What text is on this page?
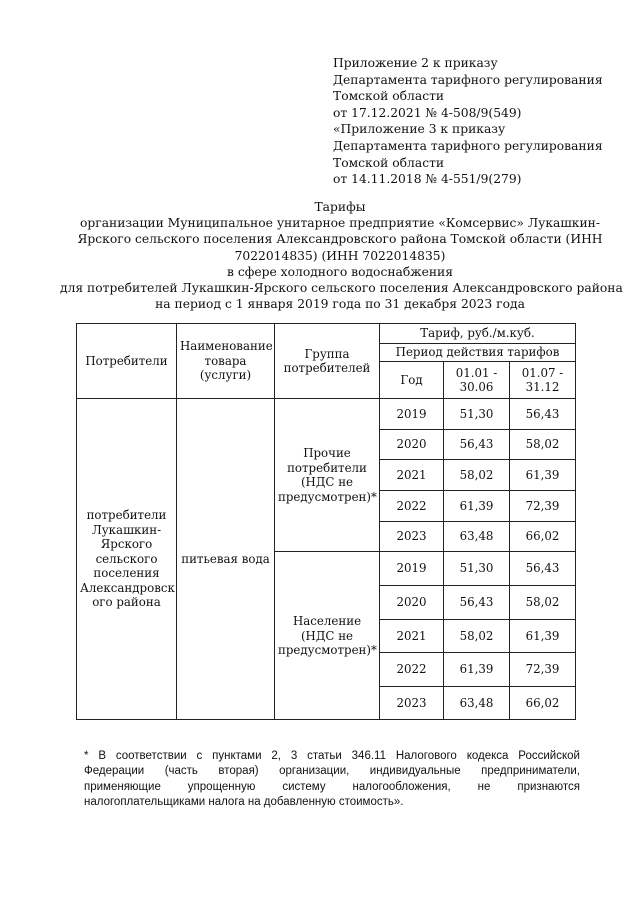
Приложение 2 к приказу
Департамента тарифного регулирования
Томской области
от 17.12.2021 № 4-508/9(549)
«Приложение 3 к приказу
Департамента тарифного регулирования
Томской области
от 14.11.2018 № 4-551/9(279)
Тарифы
организации Муниципальное унитарное предприятие «Комсервис» Лукашкин-
Ярского сельского поселения Александровского района Томской области (ИНН
7022014835) (ИНН 7022014835)
в сфере холодного водоснабжения
для потребителей Лукашкин-Ярского сельского поселения Александровского района
на период с 1 января 2019 года по 31 декабря 2023 года
Потребители	Наименование товара (услуги)	Группа потребителей	Тариф, руб./м.куб.		
			Период действия тарифов		
			Год	01.01 - 30.06	01.07 - 31.12
потребители Лукашкин-Ярского сельского поселения Александровск ого района	питьевая вода	Прочие потребители (НДС не предусмотрен)*	2019	51,30	56,43
			2020	56,43	58,02
			2021	58,02	61,39
			2022	61,39	72,39
			2023	63,48	66,02
		Население (НДС не предусмотрен)*	2019	51,30	56,43
			2020	56,43	58,02
			2021	58,02	61,39
			2022	61,39	72,39
			2023	63,48	66,02
* В соответствии с пунктами 2, 3 статьи 346.11 Налогового кодекса Российской
Федерации (часть вторая) организации, индивидуальные предприниматели,
применяющие упрощенную систему налогообложения, не признаются
налогоплательщиками налога на добавленную стоимость».
